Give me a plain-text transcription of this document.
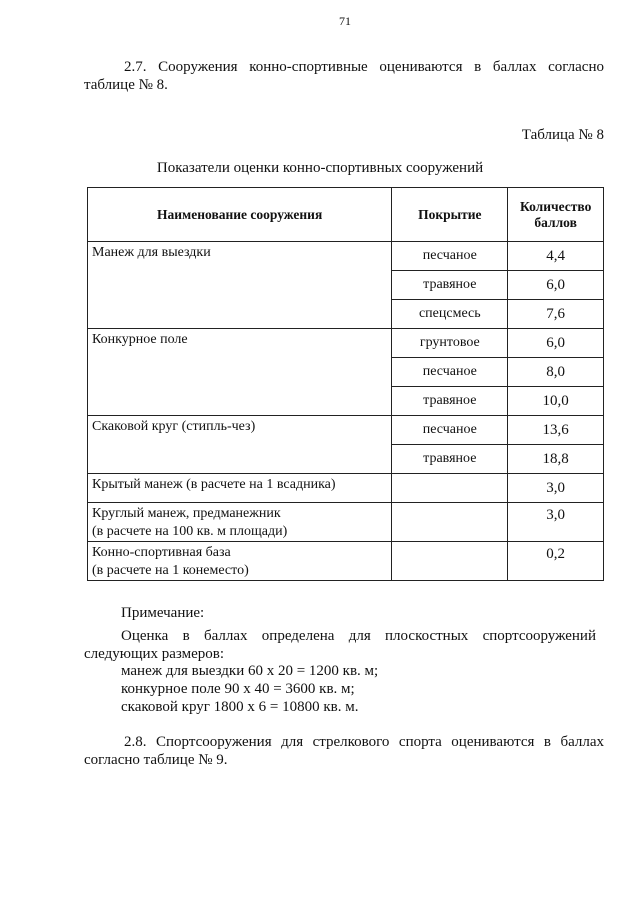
71

2.7. Сооружения конно-спортивные оцениваются в баллах согласно таблице № 8.

Таблица № 8
Показатели оценки конно-спортивных сооружений
Наименование сооружения	Покрытие	Количество баллов
Манеж для выездки	песчаное	4,4
	травяное	6,0
	спецсмесь	7,6
Конкурное поле	грунтовое	6,0
	песчаное	8,0
	травяное	10,0
Скаковой круг (стипль-чез)	песчаное	13,6
	травяное	18,8
Крытый манеж (в расчете на 1 всадника)		3,0
Круглый манеж, предманежник
(в расчете на 100 кв. м площади)		3,0
Конно-спортивная база
(в расчете на 1 конеместо)		0,2
Примечание:

Оценка в баллах определена для плоскостных спортсооружений следующих размеров:

манеж для выездки 60 х 20 = 1200 кв. м;
конкурное поле 90 х 40 = 3600 кв. м;
скаковой круг 1800 х 6 = 10800 кв. м.

2.8. Спортсооружения для стрелкового спорта оцениваются в баллах согласно таблице № 9.
